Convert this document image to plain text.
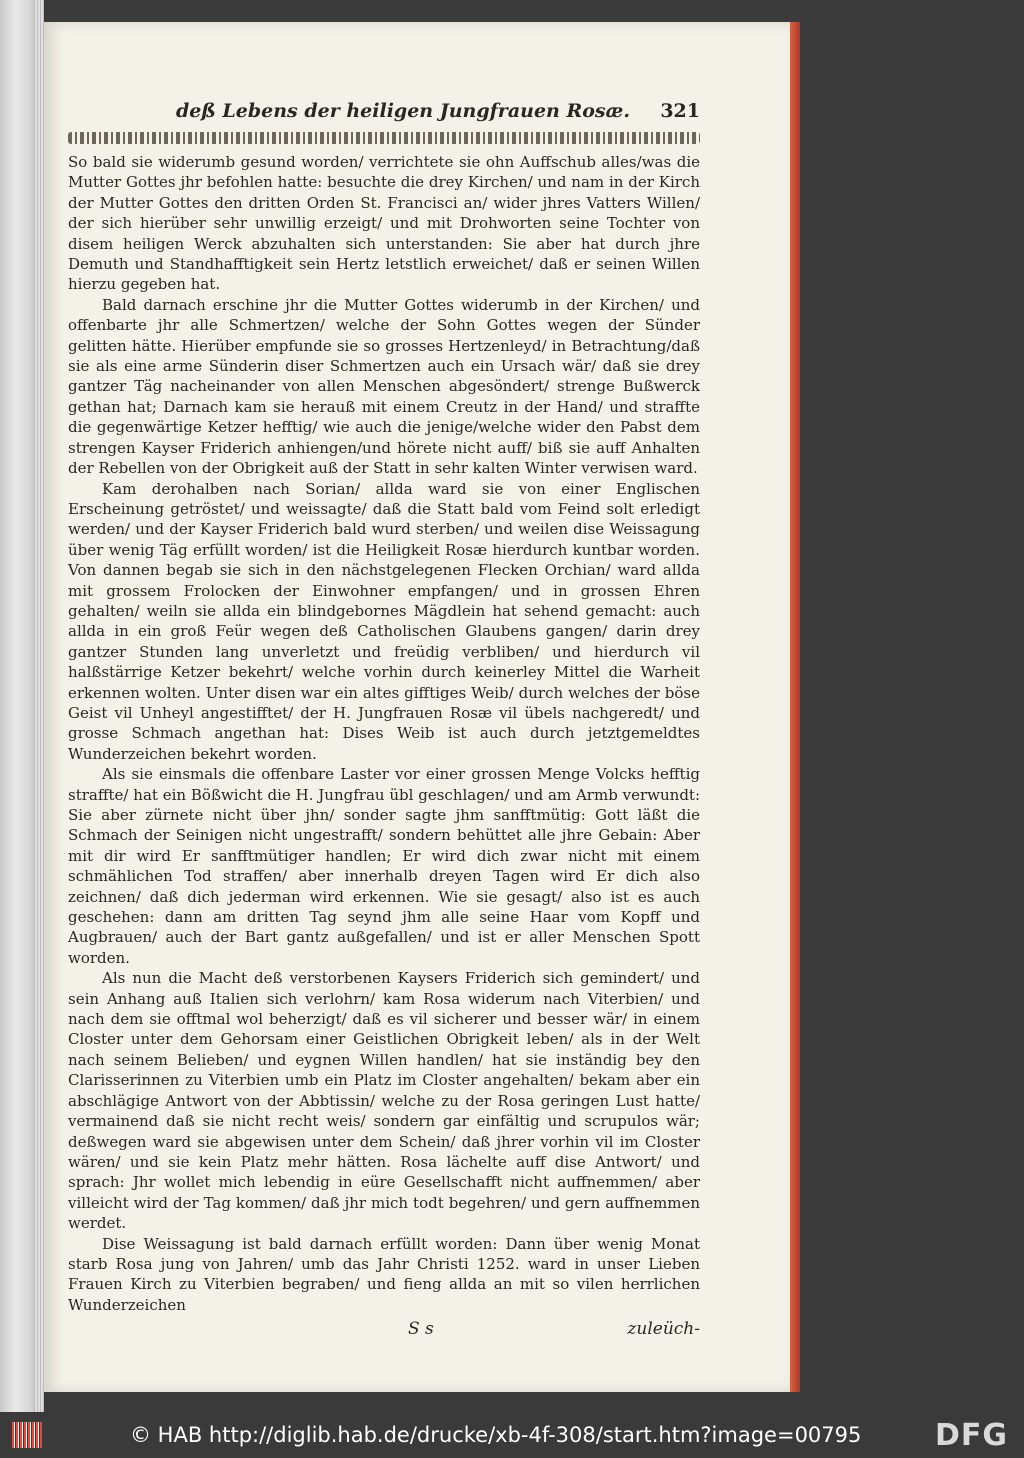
deß Lebens der heiligen Jungfrauen Rosæ. 321

So bald sie widerumb gesund worden/ verrichtete sie ohn Auffschub alles/was die Mutter Gottes jhr befohlen hatte: besuchte die drey Kirchen/ und nam in der Kirch der Mutter Gottes den dritten Orden St. Francisci an/ wider jhres Vatters Willen/ der sich hierüber sehr unwillig erzeigt/ und mit Drohworten seine Tochter von disem heiligen Werck abzuhalten sich unterstanden: Sie aber hat durch jhre Demuth und Standhafftigkeit sein Hertz letstlich erweichet/ daß er seinen Willen hierzu gegeben hat.

Bald darnach erschine jhr die Mutter Gottes widerumb in der Kirchen/ und offenbarte jhr alle Schmertzen/ welche der Sohn Gottes wegen der Sünder gelitten hätte. Hierüber empfunde sie so grosses Hertzenleyd/ in Betrachtung/daß sie als eine arme Sünderin diser Schmertzen auch ein Ursach wär/ daß sie drey gantzer Täg nacheinander von allen Menschen abgesöndert/ strenge Bußwerck gethan hat; Darnach kam sie herauß mit einem Creutz in der Hand/ und straffte die gegenwärtige Ketzer hefftig/ wie auch die jenige/welche wider den Pabst dem strengen Kayser Friderich anhiengen/und hörete nicht auff/ biß sie auff Anhalten der Rebellen von der Obrigkeit auß der Statt in sehr kalten Winter verwisen ward.

Kam derohalben nach Sorian/ allda ward sie von einer Englischen Erscheinung getröstet/ und weissagte/ daß die Statt bald vom Feind solt erledigt werden/ und der Kayser Friderich bald wurd sterben/ und weilen dise Weissagung über wenig Täg erfüllt worden/ ist die Heiligkeit Rosæ hierdurch kuntbar worden. Von dannen begab sie sich in den nächstgelegenen Flecken Orchian/ ward allda mit grossem Frolocken der Einwohner empfangen/ und in grossen Ehren gehalten/ weiln sie allda ein blindgebornes Mägdlein hat sehend gemacht: auch allda in ein groß Feür wegen deß Catholischen Glaubens gangen/ darin drey gantzer Stunden lang unverletzt und freüdig verbliben/ und hierdurch vil halßstärrige Ketzer bekehrt/ welche vorhin durch keinerley Mittel die Warheit erkennen wolten. Unter disen war ein altes gifftiges Weib/ durch welches der böse Geist vil Unheyl angestifftet/ der H. Jungfrauen Rosæ vil übels nachgeredt/ und grosse Schmach angethan hat: Dises Weib ist auch durch jetztgemeldtes Wunderzeichen bekehrt worden.

Als sie einsmals die offenbare Laster vor einer grossen Menge Volcks hefftig straffte/ hat ein Bößwicht die H. Jungfrau übl geschlagen/ und am Armb verwundt: Sie aber zürnete nicht über jhn/ sonder sagte jhm sanfftmütig: Gott läßt die Schmach der Seinigen nicht ungestrafft/ sondern behüttet alle jhre Gebain: Aber mit dir wird Er sanfftmütiger handlen; Er wird dich zwar nicht mit einem schmählichen Tod straffen/ aber innerhalb dreyen Tagen wird Er dich also zeichnen/ daß dich jederman wird erkennen. Wie sie gesagt/ also ist es auch geschehen: dann am dritten Tag seynd jhm alle seine Haar vom Kopff und Augbrauen/ auch der Bart gantz außgefallen/ und ist er aller Menschen Spott worden.

Als nun die Macht deß verstorbenen Kaysers Friderich sich gemindert/ und sein Anhang auß Italien sich verlohrn/ kam Rosa widerum nach Viterbien/ und nach dem sie offtmal wol beherzigt/ daß es vil sicherer und besser wär/ in einem Closter unter dem Gehorsam einer Geistlichen Obrigkeit leben/ als in der Welt nach seinem Belieben/ und eygnen Willen handlen/ hat sie inständig bey den Clarisserinnen zu Viterbien umb ein Platz im Closter angehalten/ bekam aber ein abschlägige Antwort von der Abbtissin/ welche zu der Rosa geringen Lust hatte/ vermainend daß sie nicht recht weis/ sondern gar einfältig und scrupulos wär; deßwegen ward sie abgewisen unter dem Schein/ daß jhrer vorhin vil im Closter wären/ und sie kein Platz mehr hätten. Rosa lächelte auff dise Antwort/ und sprach: Jhr wollet mich lebendig in eüre Gesellschafft nicht auffnemmen/ aber villeicht wird der Tag kommen/ daß jhr mich todt begehren/ und gern auffnemmen werdet.

Dise Weissagung ist bald darnach erfüllt worden: Dann über wenig Monat starb Rosa jung von Jahren/ umb das Jahr Christi 1252. ward in unser Lieben Frauen Kirch zu Viterbien begraben/ und fieng allda an mit so vilen herrlichen Wunderzeichen

S s	zuleüch-
© HAB http://diglib.hab.de/drucke/xb-4f-308/start.htm?image=00795 DFG
